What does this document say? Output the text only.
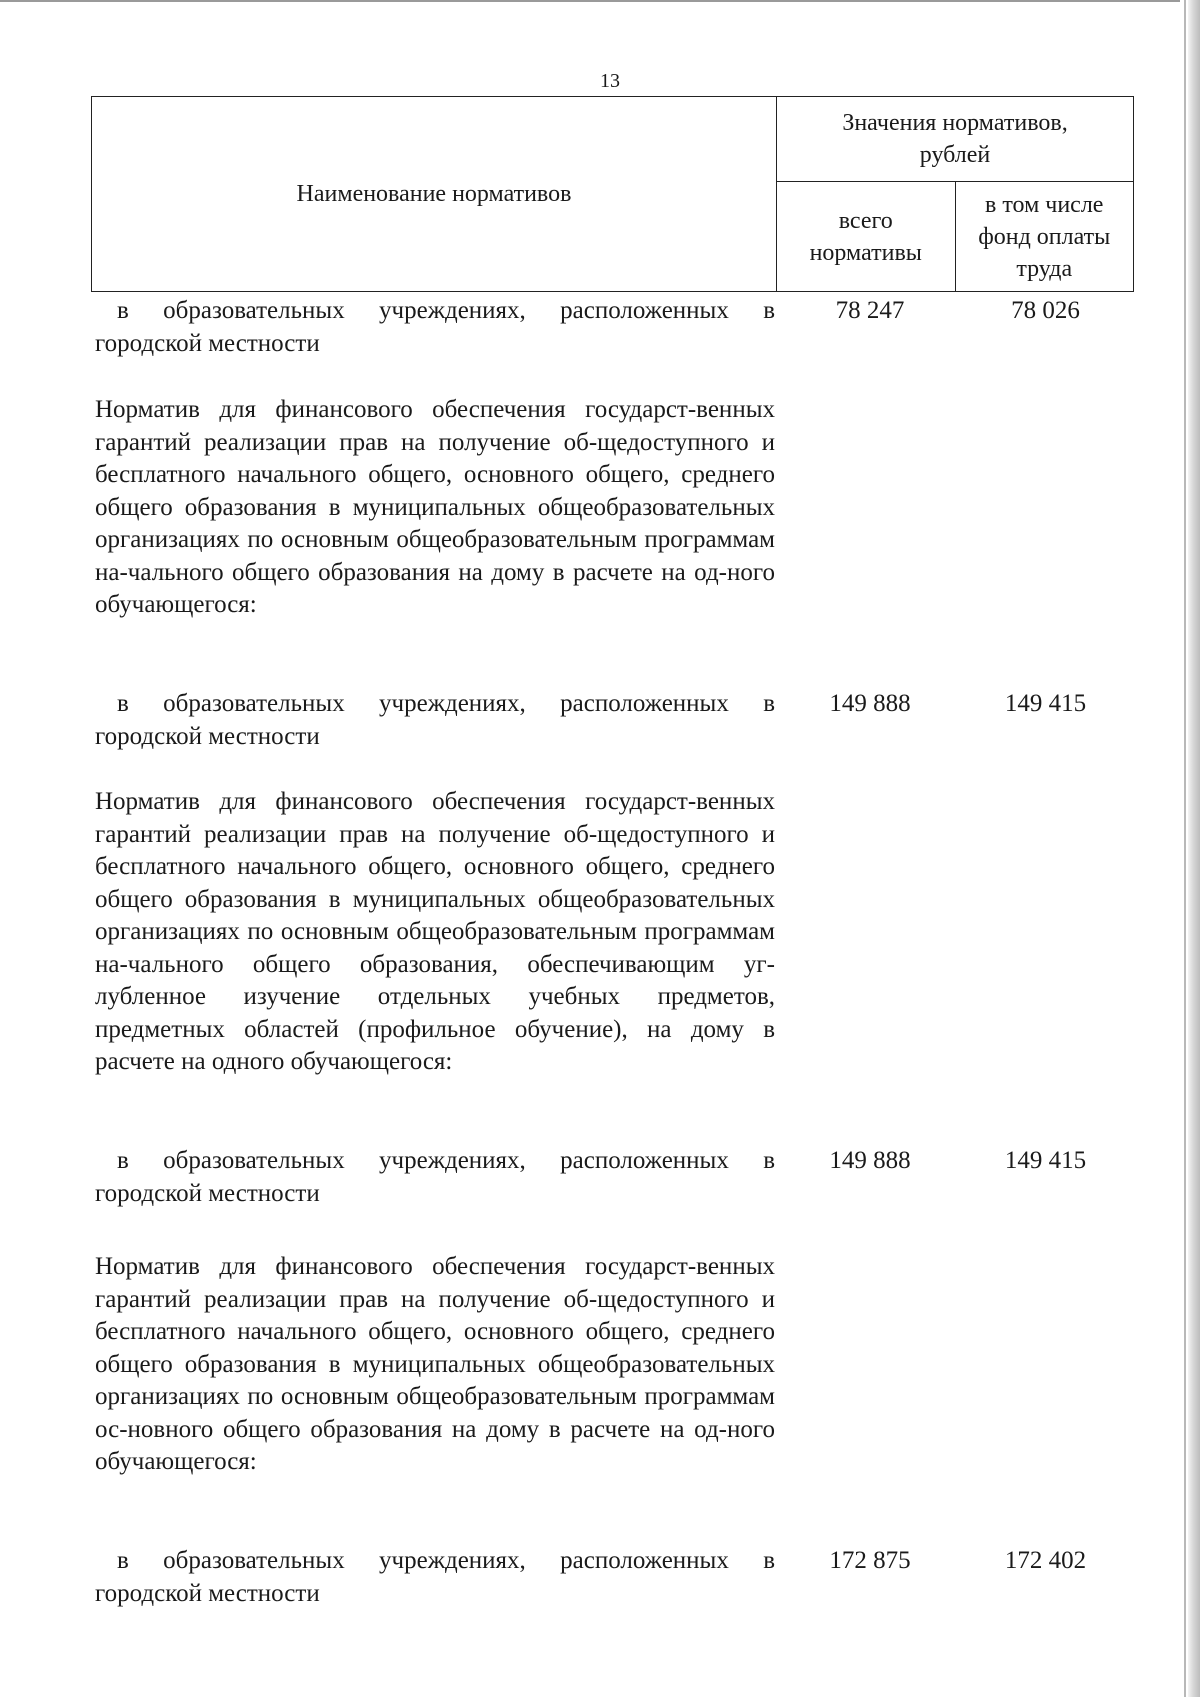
13
Наименование нормативов	Значения нормативов, рублей	
	всего нормативы	в том числе фонд оплаты труда
в образовательных учреждениях, расположенных в
городской местности
78 247	78 026
Норматив для финансового обеспечения государст-венных гарантий реализации прав на получение об-щедоступного и бесплатного начального общего, основного общего, среднего общего образования в муниципальных общеобразовательных организациях по основным общеобразовательным программам на-чального общего образования на дому в расчете на од-ного обучающегося:
в образовательных учреждениях, расположенных в
городской местности
149 888	149 415
Норматив для финансового обеспечения государст-венных гарантий реализации прав на получение об-щедоступного и бесплатного начального общего, основного общего, среднего общего образования в муниципальных общеобразовательных организациях по основным общеобразовательным программам на-чального общего образования, обеспечивающим уг-лубленное изучение отдельных учебных предметов, предметных областей (профильное обучение), на дому в расчете на одного обучающегося:
в образовательных учреждениях, расположенных в
городской местности
149 888	149 415
Норматив для финансового обеспечения государст-венных гарантий реализации прав на получение об-щедоступного и бесплатного начального общего, основного общего, среднего общего образования в муниципальных общеобразовательных организациях по основным общеобразовательным программам ос-новного общего образования на дому в расчете на од-ного обучающегося:
в образовательных учреждениях, расположенных в
городской местности
172 875	172 402
